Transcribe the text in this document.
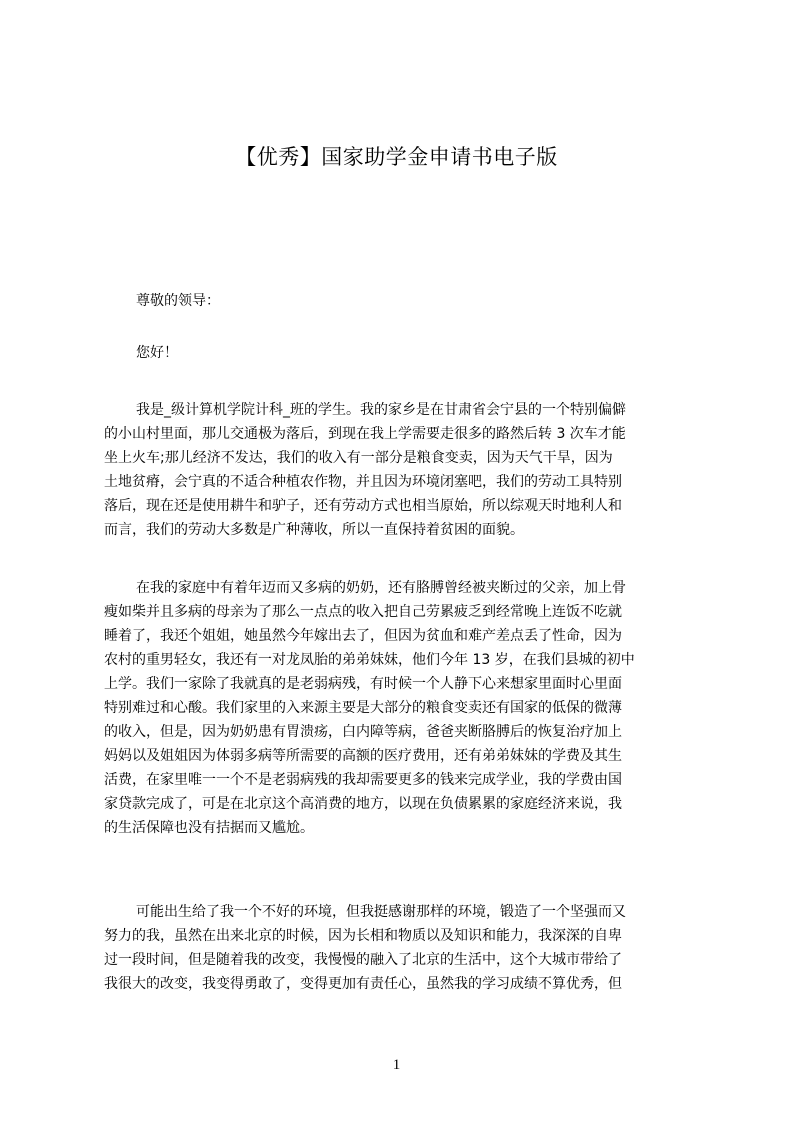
【优秀】国家助学金申请书电子版
尊敬的领导：
您好！
我是_级计算机学院计科_班的学生。我的家乡是在甘肃省会宁县的一个特别偏僻
的小山村里面，那儿交通极为落后，到现在我上学需要走很多的路然后转 3 次车才能
坐上火车;那儿经济不发达，我们的收入有一部分是粮食变卖，因为天气干旱，因为
土地贫瘠，会宁真的不适合种植农作物，并且因为环境闭塞吧，我们的劳动工具特别
落后，现在还是使用耕牛和驴子，还有劳动方式也相当原始，所以综观天时地利人和
而言，我们的劳动大多数是广种薄收，所以一直保持着贫困的面貌。
在我的家庭中有着年迈而又多病的奶奶，还有胳膊曾经被夹断过的父亲，加上骨
瘦如柴并且多病的母亲为了那么一点点的收入把自己劳累疲乏到经常晚上连饭不吃就
睡着了，我还个姐姐，她虽然今年嫁出去了，但因为贫血和难产差点丢了性命，因为
农村的重男轻女，我还有一对龙凤胎的弟弟妹妹，他们今年 13 岁，在我们县城的初中
上学。我们一家除了我就真的是老弱病残，有时候一个人静下心来想家里面时心里面
特别难过和心酸。我们家里的入来源主要是大部分的粮食变卖还有国家的低保的微薄
的收入，但是，因为奶奶患有胃溃疡，白内障等病，爸爸夹断胳膊后的恢复治疗加上
妈妈以及姐姐因为体弱多病等所需要的高额的医疗费用，还有弟弟妹妹的学费及其生
活费，在家里唯一一个不是老弱病残的我却需要更多的钱来完成学业，我的学费由国
家贷款完成了，可是在北京这个高消费的地方，以现在负债累累的家庭经济来说，我
的生活保障也没有拮据而又尴尬。
可能出生给了我一个不好的环境，但我挺感谢那样的环境，锻造了一个坚强而又
努力的我，虽然在出来北京的时候，因为长相和物质以及知识和能力，我深深的自卑
过一段时间，但是随着我的改变，我慢慢的融入了北京的生活中，这个大城市带给了
我很大的改变，我变得勇敢了，变得更加有责任心，虽然我的学习成绩不算优秀，但
1
